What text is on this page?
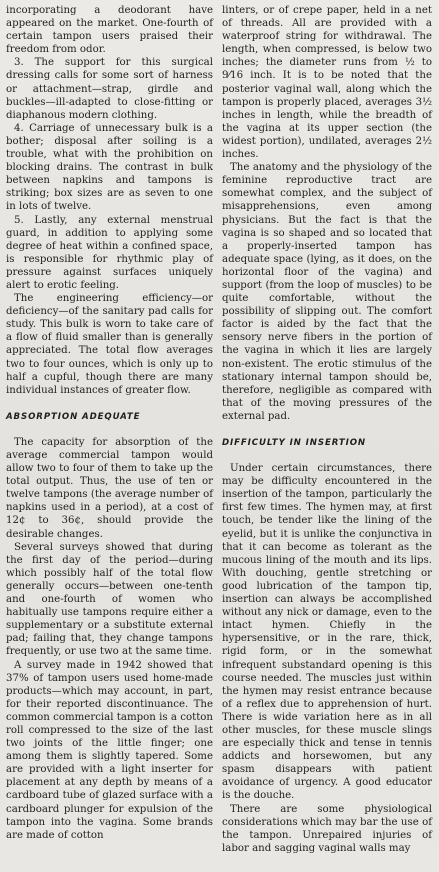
incorporating a deodorant have appeared on the market. One-fourth of certain tampon users praised their freedom from odor.

3. The support for this surgical dressing calls for some sort of harness or attachment—strap, girdle and buckles—ill-adapted to close-fitting or diaphanous modern clothing.

4. Carriage of unnecessary bulk is a bother; disposal after soiling is a trouble, what with the prohibition on blocking drains. The contrast in bulk between napkins and tampons is striking; box sizes are as seven to one in lots of twelve.

5. Lastly, any external menstrual guard, in addition to applying some degree of heat within a confined space, is responsible for rhythmic play of pressure against surfaces uniquely alert to erotic feeling.

The engineering efficiency—or deficiency—of the sanitary pad calls for study. This bulk is worn to take care of a flow of fluid smaller than is generally appreciated. The total flow averages two to four ounces, which is only up to half a cupful, though there are many individual instances of greater flow.

ABSORPTION ADEQUATE

The capacity for absorption of the average commercial tampon would allow two to four of them to take up the total output. Thus, the use of ten or twelve tampons (the average number of napkins used in a period), at a cost of 12¢ to 36¢, should provide the desirable changes.

Several surveys showed that during the first day of the period—during which possibly half of the total flow generally occurs—between one-tenth and one-fourth of women who habitually use tampons require either a supplementary or a substitute external pad; failing that, they change tampons frequently, or use two at the same time.

A survey made in 1942 showed that 37% of tampon users used home-made products—which may account, in part, for their reported discontinuance. The common commercial tampon is a cotton roll compressed to the size of the last two joints of the little finger; one among them is slightly tapered. Some are provided with a light inserter for placement at any depth by means of a cardboard tube of glazed surface with a cardboard plunger for expulsion of the tampon into the vagina. Some brands are made of cotton

linters, or of crepe paper, held in a net of threads. All are provided with a waterproof string for withdrawal. The length, when compressed, is below two inches; the diameter runs from ½ to 9⁄16 inch. It is to be noted that the posterior vaginal wall, along which the tampon is properly placed, averages 3½ inches in length, while the breadth of the vagina at its upper section (the widest portion), undilated, averages 2½ inches.

The anatomy and the physiology of the feminine reproductive tract are somewhat complex, and the subject of misapprehensions, even among physicians. But the fact is that the vagina is so shaped and so located that a properly-inserted tampon has adequate space (lying, as it does, on the horizontal floor of the vagina) and support (from the loop of muscles) to be quite comfortable, without the possibility of slipping out. The comfort factor is aided by the fact that the sensory nerve fibers in the portion of the vagina in which it lies are largely non-existent. The erotic stimulus of the stationary internal tampon should be, therefore, negligible as compared with that of the moving pressures of the external pad.

DIFFICULTY IN INSERTION

Under certain circumstances, there may be difficulty encountered in the insertion of the tampon, particularly the first few times. The hymen may, at first touch, be tender like the lining of the eyelid, but it is unlike the conjunctiva in that it can become as tolerant as the mucous lining of the mouth and its lips. With douching, gentle stretching or good lubrication of the tampon tip, insertion can always be accomplished without any nick or damage, even to the intact hymen. Chiefly in the hypersensitive, or in the rare, thick, rigid form, or in the somewhat infrequent substandard opening is this course needed. The muscles just within the hymen may resist entrance because of a reflex due to apprehension of hurt. There is wide variation here as in all other muscles, for these muscle slings are especially thick and tense in tennis addicts and horsewomen, but any spasm disappears with patient avoidance of urgency. A good educator is the douche.

There are some physiological considerations which may bar the use of the tampon. Unrepaired injuries of labor and sagging vaginal walls may
